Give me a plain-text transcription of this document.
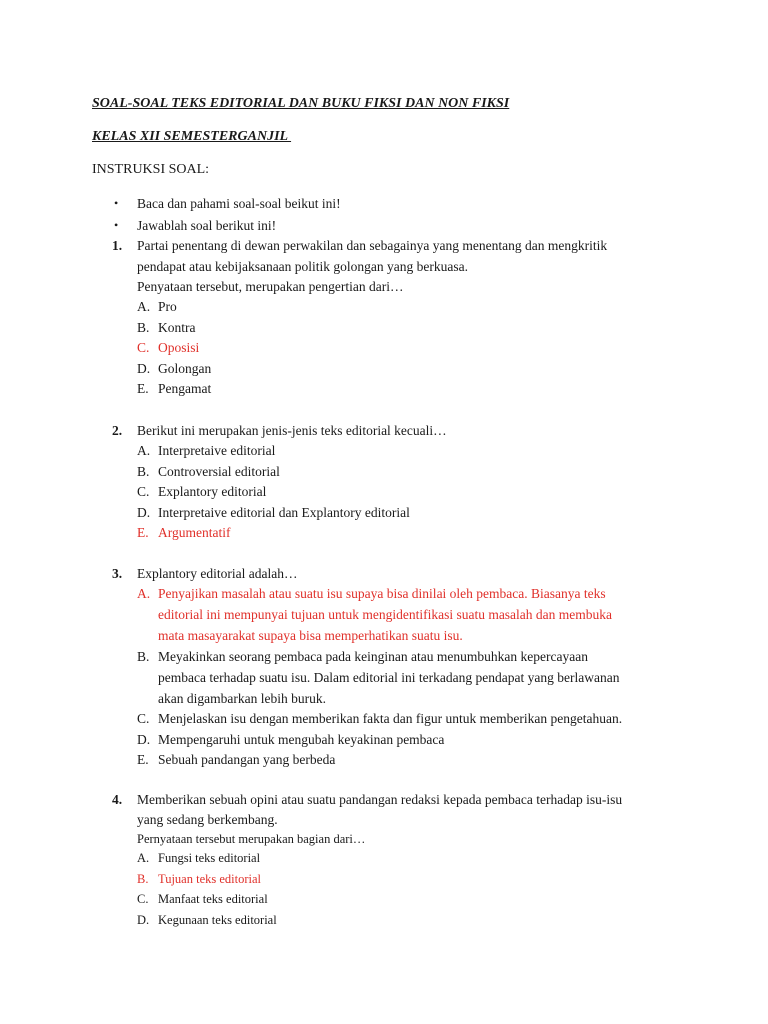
SOAL-SOAL TEKS EDITORIAL DAN BUKU FIKSI DAN NON FIKSI
KELAS XII SEMESTERGANJIL
INSTRUKSI SOAL:
• Baca dan pahami soal-soal beikut ini!
• Jawablah soal berikut ini!
1. Partai penentang di dewan perwakilan dan sebagainya yang menentang dan mengkritik
pendapat atau kebijaksanaan politik golongan yang berkuasa.
Penyataan tersebut, merupakan pengertian dari…
A. Pro
B. Kontra
C. Oposisi
D. Golongan
E. Pengamat
2. Berikut ini merupakan jenis-jenis teks editorial kecuali…
A. Interpretaive editorial
B. Controversial editorial
C. Explantory editorial
D. Interpretaive editorial dan Explantory editorial
E. Argumentatif
3. Explantory editorial adalah…
A. Penyajikan masalah atau suatu isu supaya bisa dinilai oleh pembaca. Biasanya teks
editorial ini mempunyai tujuan untuk mengidentifikasi suatu masalah dan membuka
mata masayarakat supaya bisa memperhatikan suatu isu.
B. Meyakinkan seorang pembaca pada keinginan atau menumbuhkan kepercayaan
pembaca terhadap suatu isu. Dalam editorial ini terkadang pendapat yang berlawanan
akan digambarkan lebih buruk.
C. Menjelaskan isu dengan memberikan fakta dan figur untuk memberikan pengetahuan.
D. Mempengaruhi untuk mengubah keyakinan pembaca
E. Sebuah pandangan yang berbeda
4. Memberikan sebuah opini atau suatu pandangan redaksi kepada pembaca terhadap isu-isu
yang sedang berkembang.
Pernyataan tersebut merupakan bagian dari…
A. Fungsi teks editorial
B. Tujuan teks editorial
C. Manfaat teks editorial
D. Kegunaan teks editorial
